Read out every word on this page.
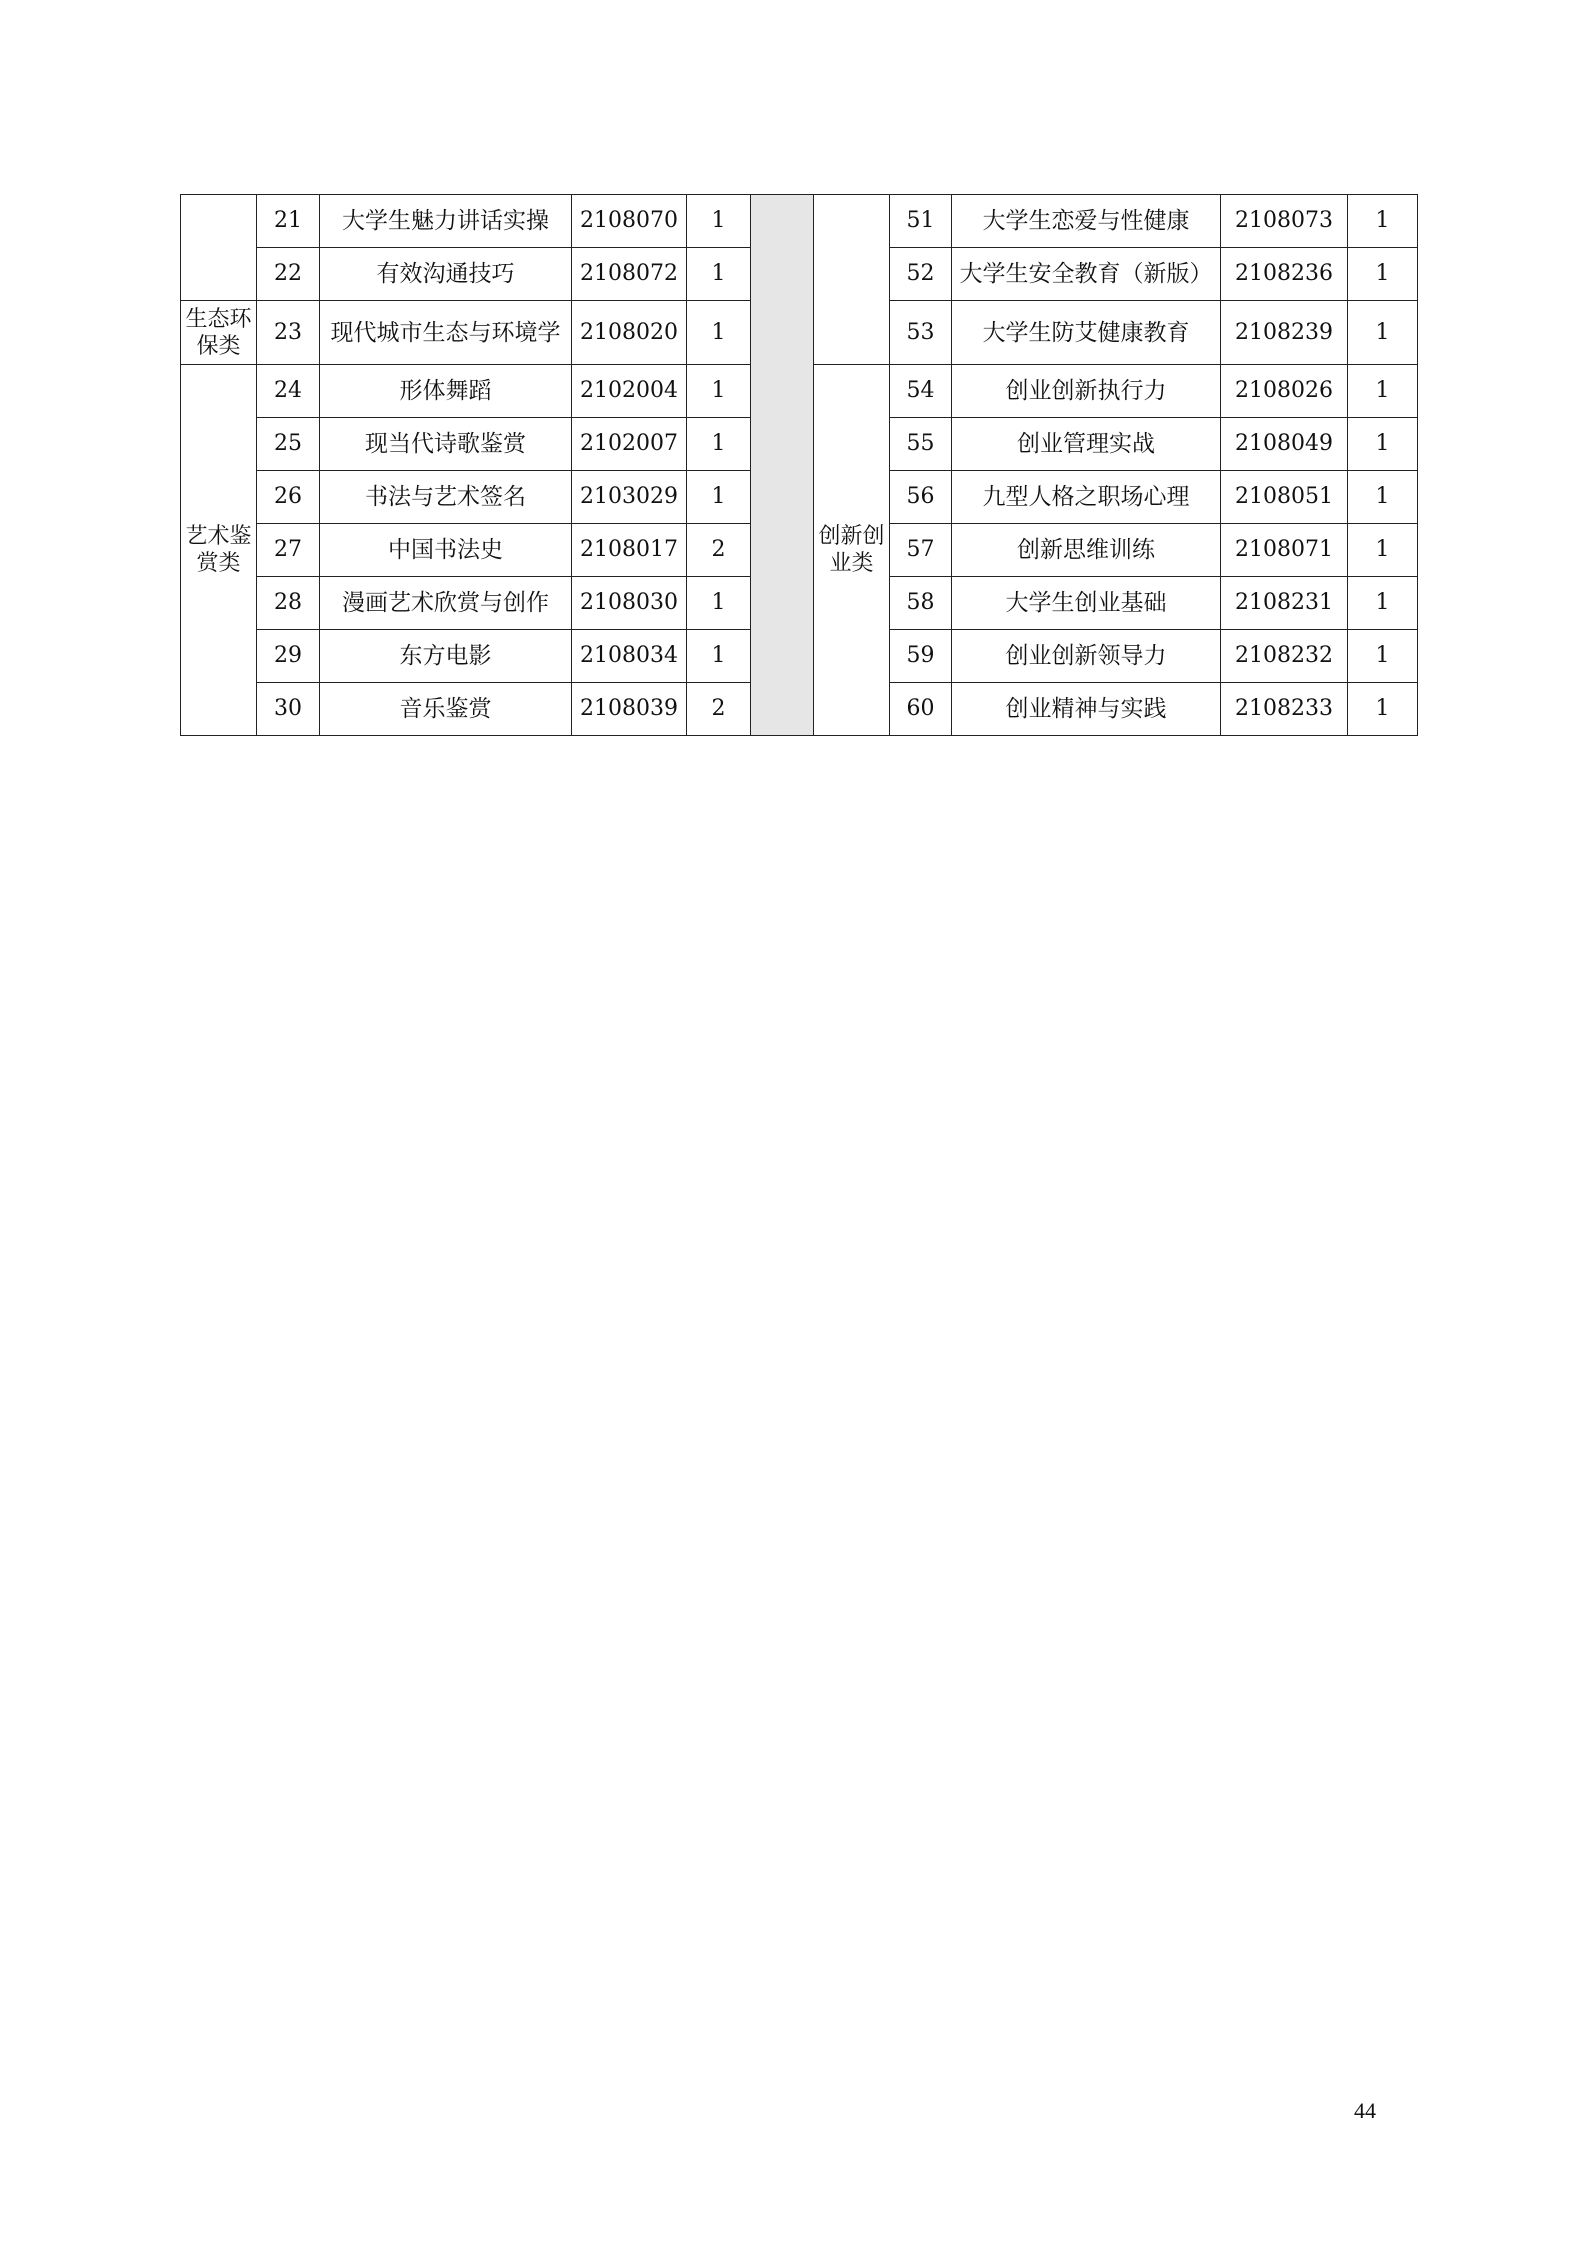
	21	大学生魅力讲话实操	2108070	1			51	大学生恋爱与性健康	2108073	1
	22	有效沟通技巧	2108072	1			52	大学生安全教育（新版）	2108236	1
生态环保类	23	现代城市生态与环境学	2108020	1			53	大学生防艾健康教育	2108239	1
艺术鉴赏类	24	形体舞蹈	2102004	1		创新创业类	54	创业创新执行力	2108026	1
	25	现当代诗歌鉴赏	2102007	1			55	创业管理实战	2108049	1
	26	书法与艺术签名	2103029	1			56	九型人格之职场心理	2108051	1
	27	中国书法史	2108017	2			57	创新思维训练	2108071	1
	28	漫画艺术欣赏与创作	2108030	1			58	大学生创业基础	2108231	1
	29	东方电影	2108034	1			59	创业创新领导力	2108232	1
	30	音乐鉴赏	2108039	2			60	创业精神与实践	2108233	1
44
